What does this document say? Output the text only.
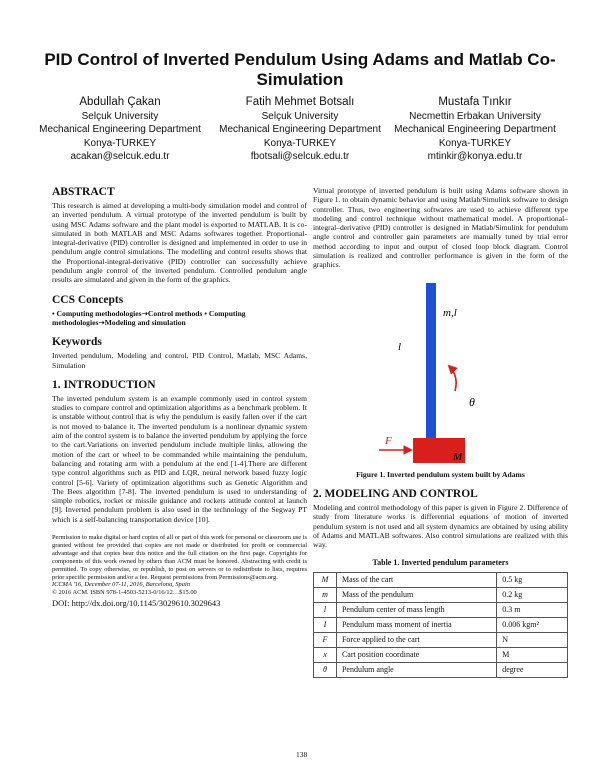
PID Control of Inverted Pendulum Using Adams and Matlab Co-Simulation
Abdullah Çakan
Selçuk University
Mechanical Engineering Department
Konya-TURKEY
acakan@selcuk.edu.tr
Fatih Mehmet Botsalı
Selçuk University
Mechanical Engineering Department
Konya-TURKEY
fbotsali@selcuk.edu.tr
Mustafa Tınkır
Necmettin Erbakan University
Mechanical Engineering Department
Konya-TURKEY
mtinkir@konya.edu.tr
ABSTRACT

This research is aimed at developing a multi-body simulation model and control of an inverted pendulum. A virtual prototype of the inverted pendulum is built by using MSC Adams software and the plant model is exported to MATLAB. It is co-simulated in both MATLAB and MSC Adams softwares together. Proportional-integral-derivative (PID) controller is designed and implemented in order to use in pendulum angle control simulations. The modelling and control results shows that the Proportional-integral-derivative (PID) controller can successfully achieve pendulum angle control of the inverted pendulum. Controlled pendulum angle results are simulated and given in the form of the graphics.

CCS Concepts

• Computing methodologies➝Control methods • Computing methodologies➝Modeling and simulation

Keywords

Inverted pendulum, Modeling and control, PID Control, Matlab, MSC Adams, Simulation

1. INTRODUCTION

The inverted pendulum system is an example commonly used in control system studies to compare control and optimization algorithms as a benchmark problem. It is unstable without control that is why the pendulum is easily fallen over if the cart is not moved to balance it. The inverted pendulum is a nonlinear dynamic system aim of the control system is to balance the inverted pendulum by applying the force to the cart.Variations on inverted pendulum include multiple links, allowing the motion of the cart or wheel to be commanded while maintaining the pendulum, balancing and rotating arm with a pendulum at the end [1-4].There are different type control algorithms such as PID and LQR, neural network based fuzzy logic control [5-6]. Variety of optimization algorithms such as Genetic Algorithm and The Bees algorithm [7-8]. The inverted pendulum is used to understanding of simple robotics, rocket or missile guidance and rockets attitude control at launch [9]. Inverted pendulum problem is also used in the technology of the Segway PT which is a self-balancing transportation device [10].

Permission to make digital or hard copies of all or part of this work for personal or classroom use is granted without fee provided that copies are not made or distributed for profit or commercial advantage and that copies bear this notice and the full citation on the first page. Copyrights for components of this work owned by others than ACM must be honored. Abstracting with credit is permitted. To copy otherwise, or republish, to post on servers or to redistribute to lists, requires prior specific permission and/or a fee. Request permissions from Permissions@acm.org.

ICCMA '16, December 07-11, 2016, Barcelona, Spain

© 2016 ACM. ISBN 978-1-4503-5213-0/16/12…$15.00

DOI: http://dx.doi.org/10.1145/3029610.3029643

Virtual prototype of inverted pendulum is built using Adams software shown in Figure 1. to obtain dynamic behavior and using Matlab/Simulink software to design controller. Thus, two engineering softwares are used to achieve different type modeling and control technique without mathematical model. A proportional–integral–derivative (PID) controller is designed in Matlab/Simulink for pendulum angle control and controller gain parameters are manually tuned by trial error method according to input and output of closed loop block diagram. Control simulation is realized and controller performance is given in the form of the graphics.

m,l
l
θ
F
M

Figure 1. Inverted pendulum system built by Adams

2. MODELING AND CONTROL

Modeling and control methodology of this paper is given in Figure 2. Difference of study from literature works is differential equations of motion of inverted pendulum system is not used and all system dynamics are obtained by using ability of Adams and MATLAB softwares. Also control simulations are realized with this way.

Table 1. Inverted pendulum parameters

M	Mass of the cart	0.5 kg
m	Mass of the pendulum	0.2 kg
l	Pendulum center of mass length	0.3 m
I	Pendulum mass moment of inertia	0.006 kgm²
F	Force applied to the cart	N
x	Cart position coordinate	M
θ	Pendulum angle	degree
138
